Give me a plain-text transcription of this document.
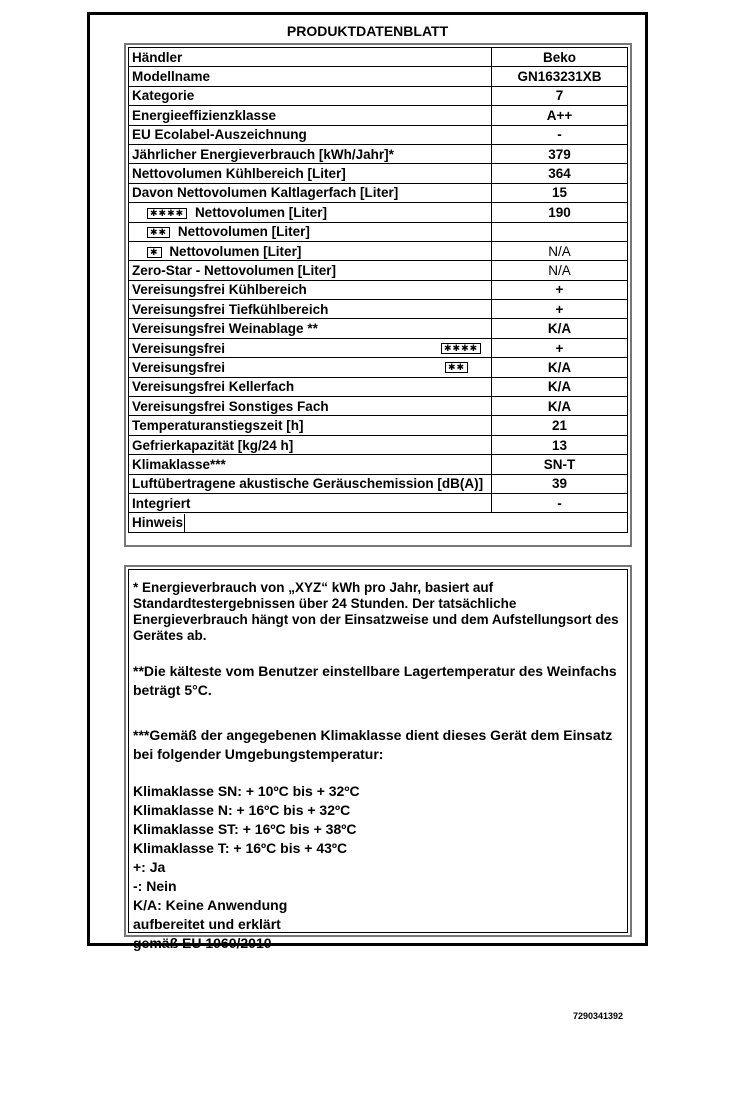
PRODUKTDATENBLATT
Händler	Beko
Modellname	GN163231XB
Kategorie	7
Energieeffizienzklasse	A++
EU Ecolabel-Auszeichnung	-
Jährlicher Energieverbrauch [kWh/Jahr]*	379
Nettovolumen Kühlbereich [Liter]	364
Davon Nettovolumen Kaltlagerfach [Liter]	15
✱✱✱✱ Nettovolumen [Liter]	190
✱✱ Nettovolumen [Liter]	
✱ Nettovolumen [Liter]	N/A
Zero-Star - Nettovolumen [Liter]	N/A
Vereisungsfrei Kühlbereich	+
Vereisungsfrei Tiefkühlbereich	+
Vereisungsfrei Weinablage **	K/A
Vereisungsfrei ✱✱✱✱	+
Vereisungsfrei ✱✱	K/A
Vereisungsfrei Kellerfach	K/A
Vereisungsfrei Sonstiges Fach	K/A
Temperaturanstiegszeit [h]	21
Gefrierkapazität [kg/24 h]	13
Klimaklasse***	SN-T
Luftübertragene akustische Geräuschemission [dB(A)]	39
Integriert	-
Hinweis	

* Energieverbrauch von „XYZ“ kWh pro Jahr, basiert auf Standardtestergebnissen über 24 Stunden. Der tatsächliche Energieverbrauch hängt von der Einsatzweise und dem Aufstellungsort des Gerätes ab.

**Die kälteste vom Benutzer einstellbare Lagertemperatur des Weinfachs beträgt 5°C.

***Gemäß der angegebenen Klimaklasse dient dieses Gerät dem Einsatz bei folgender Umgebungstemperatur:

Klimaklasse SN: + 10ºC bis + 32ºC

Klimaklasse N: + 16ºC bis + 32ºC

Klimaklasse ST: + 16ºC bis + 38ºC

Klimaklasse T: + 16ºC bis + 43ºC

+: Ja

-: Nein

K/A: Keine Anwendung

aufbereitet und erklärt

gemäß EU 1060/2010

7290341392
